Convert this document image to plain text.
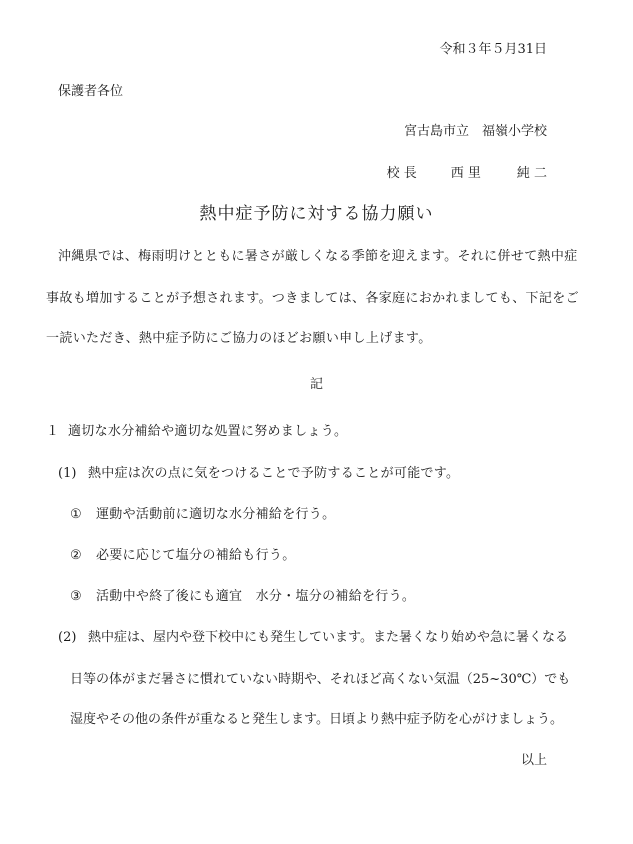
令和３年５月31日
保護者各位
宮古島市立　福嶺小学校
校 長	西 里	純 二
熱中症予防に対する協力願い
沖縄県では、梅雨明けとともに暑さが厳しくなる季節を迎えます。それに併せて熱中症
事故も増加することが予想されます。つきましては、各家庭におかれましても、下記をご
一読いただき、熱中症予防にご協力のほどお願い申し上げます。
記
１ 適切な水分補給や適切な処置に努めましょう。
(1) 熱中症は次の点に気をつけることで予防することが可能です。
① 運動や活動前に適切な水分補給を行う。
② 必要に応じて塩分の補給も行う。
③ 活動中や終了後にも適宜　水分・塩分の補給を行う。
(2) 熱中症は、屋内や登下校中にも発生しています。また暑くなり始めや急に暑くなる
日等の体がまだ暑さに慣れていない時期や、それほど高くない気温（25~30℃）でも
湿度やその他の条件が重なると発生します。日頃より熱中症予防を心がけましょう。
以上
